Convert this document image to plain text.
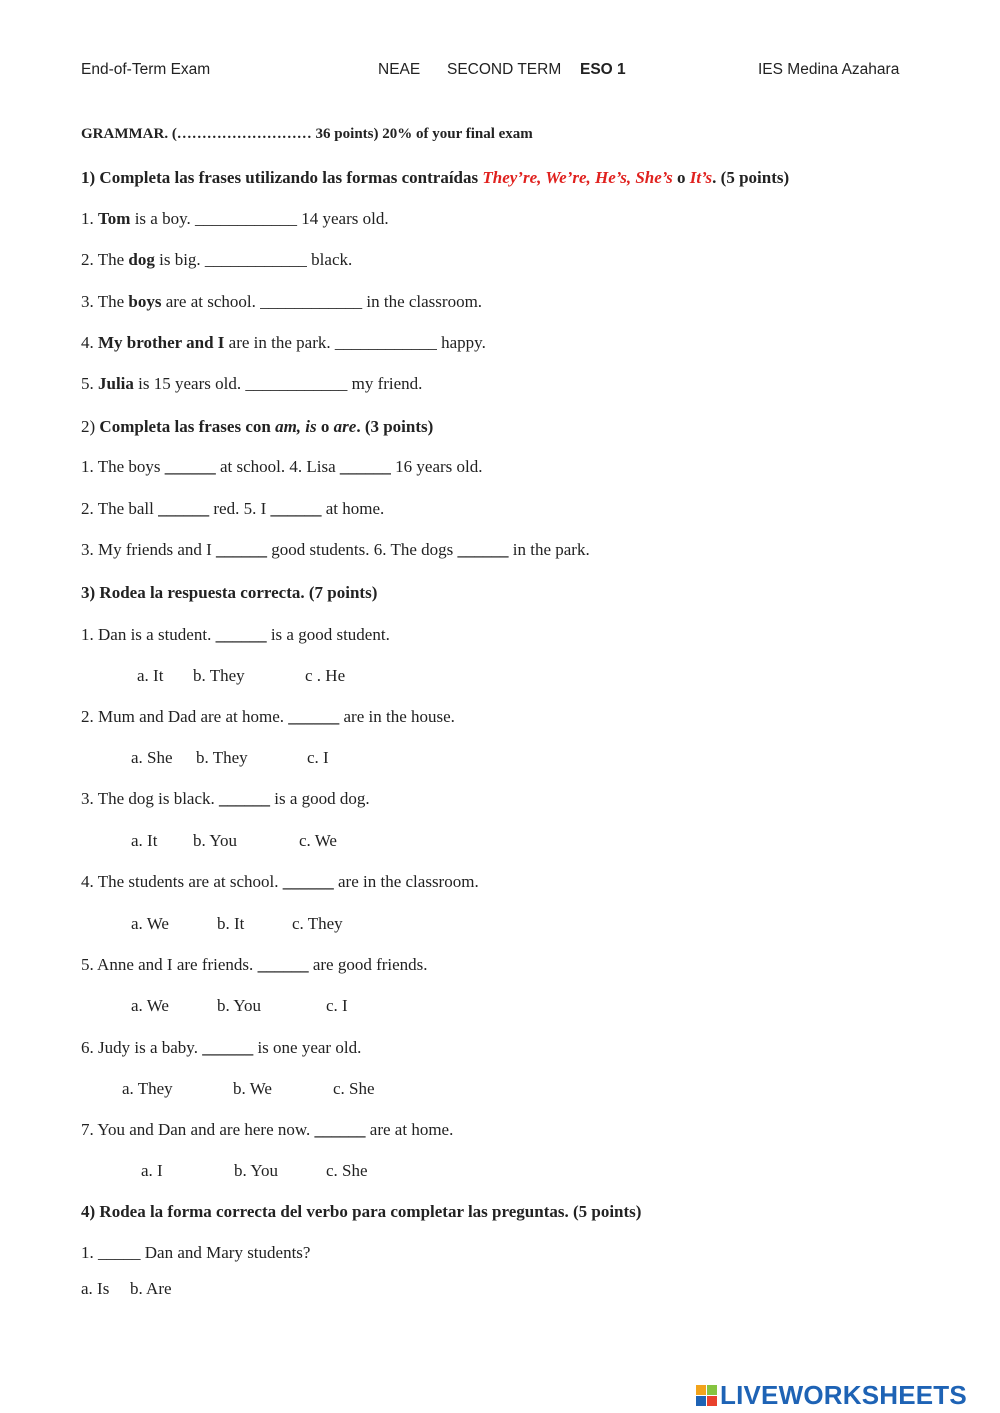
End-of-Term Exam	NEAE SECOND TERM ESO 1	IES Medina Azahara
GRAMMAR. (……………………… 36 points) 20% of your final exam
1) Completa las frases utilizando las formas contraídas They’re, We’re, He’s, She’s o It’s. (5 points)
1. Tom is a boy. ____________ 14 years old.
2. The dog is big. ____________ black.
3. The boys are at school. ____________ in the classroom.
4. My brother and I are in the park. ____________ happy.
5. Julia is 15 years old. ____________ my friend.
2) Completa las frases con am, is o are. (3 points)
1. The boys ______ at school. 4. Lisa ______ 16 years old.
2. The ball ______ red. 5. I ______ at home.
3. My friends and I ______ good students. 6. The dogs ______ in the park.
3) Rodea la respuesta correcta. (7 points)
1. Dan is a student. ______ is a good student.
a. It b. They	c . He
2. Mum and Dad are at home. ______ are in the house.
a. She b. They	c. I
3. The dog is black. ______ is a good dog.
a. It b. You	c. We
4. The students are at school. ______ are in the classroom.
a. We	b. It	c. They
5. Anne and I are friends. ______ are good friends.
a. We	b. You	c. I
6. Judy is a baby. ______ is one year old.
a. They	b. We	c. She
7. You and Dan and are here now. ______ are at home.
a. I	b. You	c. She
4) Rodea la forma correcta del verbo para completar las preguntas. (5 points)
1. _____ Dan and Mary students?
a. Is b. Are
LIVEWORKSHEETS
